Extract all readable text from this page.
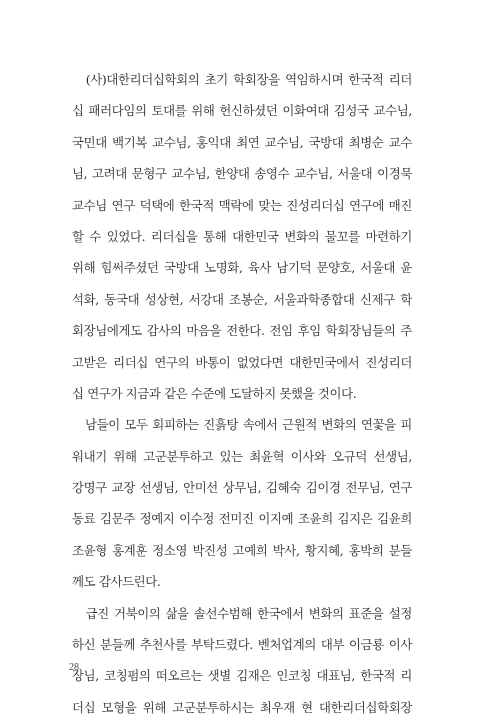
　(사)대한리더십학회의 초기 학회장을 역임하시며 한국적 리더
십 패러다임의 토대를 위해 헌신하셨던 이화여대 김성국 교수님,
국민대 백기복 교수님, 홍익대 최연 교수님, 국방대 최병순 교수
님, 고려대 문형구 교수님, 한양대 송영수 교수님, 서울대 이경묵
교수님 연구 덕택에 한국적 맥락에 맞는 진성리더십 연구에 매진
할 수 있었다. 리더십을 통해 대한민국 변화의 물꼬를 마련하기
위해 힘써주셨던 국방대 노명화, 육사 남기덕 문양호, 서울대 윤
석화, 동국대 성상현, 서강대 조봉순, 서울과학종합대 신제구 학
회장님에게도 감사의 마음을 전한다. 전임 후임 학회장님들의 주
고받은 리더십 연구의 바통이 없었다면 대한민국에서 진성리더
십 연구가 지금과 같은 수준에 도달하지 못했을 것이다.
　남들이 모두 회피하는 진흙탕 속에서 근원적 변화의 연꽃을 피
워내기 위해 고군분투하고 있는 최윤혁 이사와 오규덕 선생님,
강명구 교장 선생님, 안미선 상무님, 김혜숙 김이경 전무님, 연구
동료 김문주 정예지 이수정 전미진 이지예 조윤희 김지은 김윤희
조윤형 홍계훈 정소영 박진성 고예희 박사, 황지혜, 홍박희 분들
께도 감사드린다.
　급진 거북이의 삶을 솔선수범해 한국에서 변화의 표준을 설정
하신 분들께 추천사를 부탁드렸다. 벤처업계의 대부 이금룡 이사
장님, 코칭펌의 떠오르는 샛별 김재은 인코칭 대표님, 한국적 리
더십 모형을 위해 고군분투하시는 최우재 현 대한리더십학회장
28
